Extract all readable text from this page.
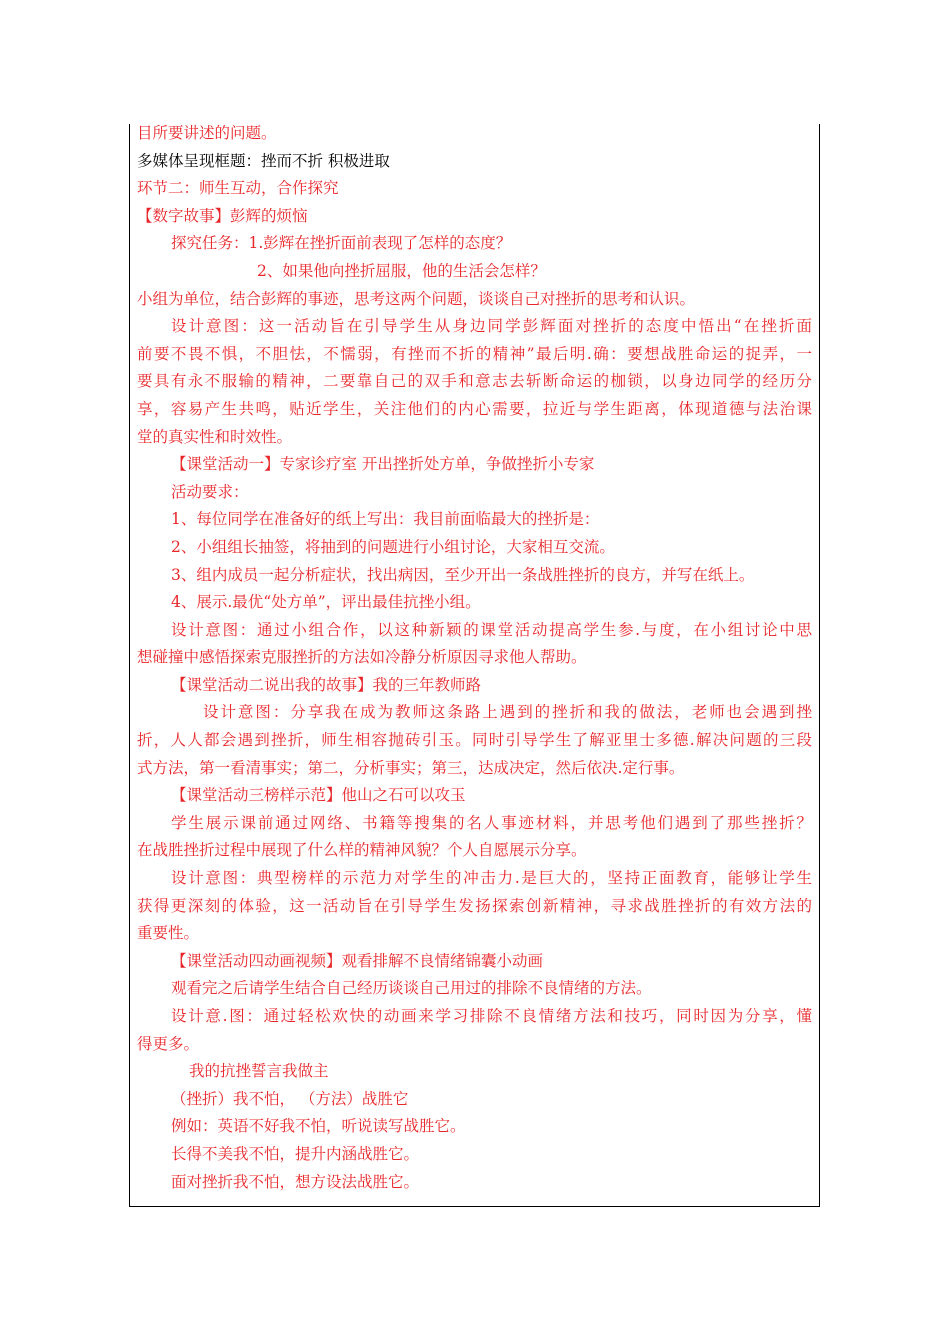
目所要讲述的问题。
多媒体呈现框题：挫而不折 积极进取
环节二：师生互动，合作探究
【数字故事】彭辉的烦恼
探究任务：1.彭辉在挫折面前表现了怎样的态度？
2、如果他向挫折屈服，他的生活会怎样？
小组为单位，结合彭辉的事迹，思考这两个问题，谈谈自己对挫折的思考和认识。
设计意图：这一活动旨在引导学生从身边同学彭辉面对挫折的态度中悟出“在挫折面
前要不畏不惧，不胆怯，不懦弱，有挫而不折的精神”最后明.确：要想战胜命运的捉弄，一
要具有永不服输的精神，二要靠自己的双手和意志去斩断命运的枷锁，以身边同学的经历分
享，容易产生共鸣，贴近学生，关注他们的内心需要，拉近与学生距离，体现道德与法治课
堂的真实性和时效性。
【课堂活动一】专家诊疗室 开出挫折处方单，争做挫折小专家
活动要求：
1、每位同学在准备好的纸上写出：我目前面临最大的挫折是：
2、小组组长抽签，将抽到的问题进行小组讨论，大家相互交流。
3、组内成员一起分析症状，找出病因，至少开出一条战胜挫折的良方，并写在纸上。
4、展示.最优“处方单”，评出最佳抗挫小组。
设计意图：通过小组合作，以这种新颖的课堂活动提高学生参.与度，在小组讨论中思
想碰撞中感悟探索克服挫折的方法如冷静分析原因寻求他人帮助。
【课堂活动二说出我的故事】我的三年教师路
设计意图：分享我在成为教师这条路上遇到的挫折和我的做法，老师也会遇到挫
折，人人都会遇到挫折，师生相容抛砖引玉。同时引导学生了解亚里士多德.解决问题的三段
式方法，第一看清事实；第二，分析事实；第三，达成决定，然后依决.定行事。
【课堂活动三榜样示范】他山之石可以攻玉
学生展示课前通过网络、书籍等搜集的名人事迹材料，并思考他们遇到了那些挫折？
在战胜挫折过程中展现了什么样的精神风貌？个人自愿展示分享。
设计意图：典型榜样的示范力对学生的冲击力.是巨大的，坚持正面教育，能够让学生
获得更深刻的体验，这一活动旨在引导学生发扬探索创新精神，寻求战胜挫折的有效方法的
重要性。
【课堂活动四动画视频】观看排解不良情绪锦囊小动画
观看完之后请学生结合自己经历谈谈自己用过的排除不良情绪的方法。
设计意.图：通过轻松欢快的动画来学习排除不良情绪方法和技巧，同时因为分享，懂
得更多。
我的抗挫誓言我做主
（挫折）我不怕， （方法）战胜它
例如：英语不好我不怕，听说读写战胜它。
长得不美我不怕，提升内涵战胜它。
面对挫折我不怕，想方设法战胜它。
